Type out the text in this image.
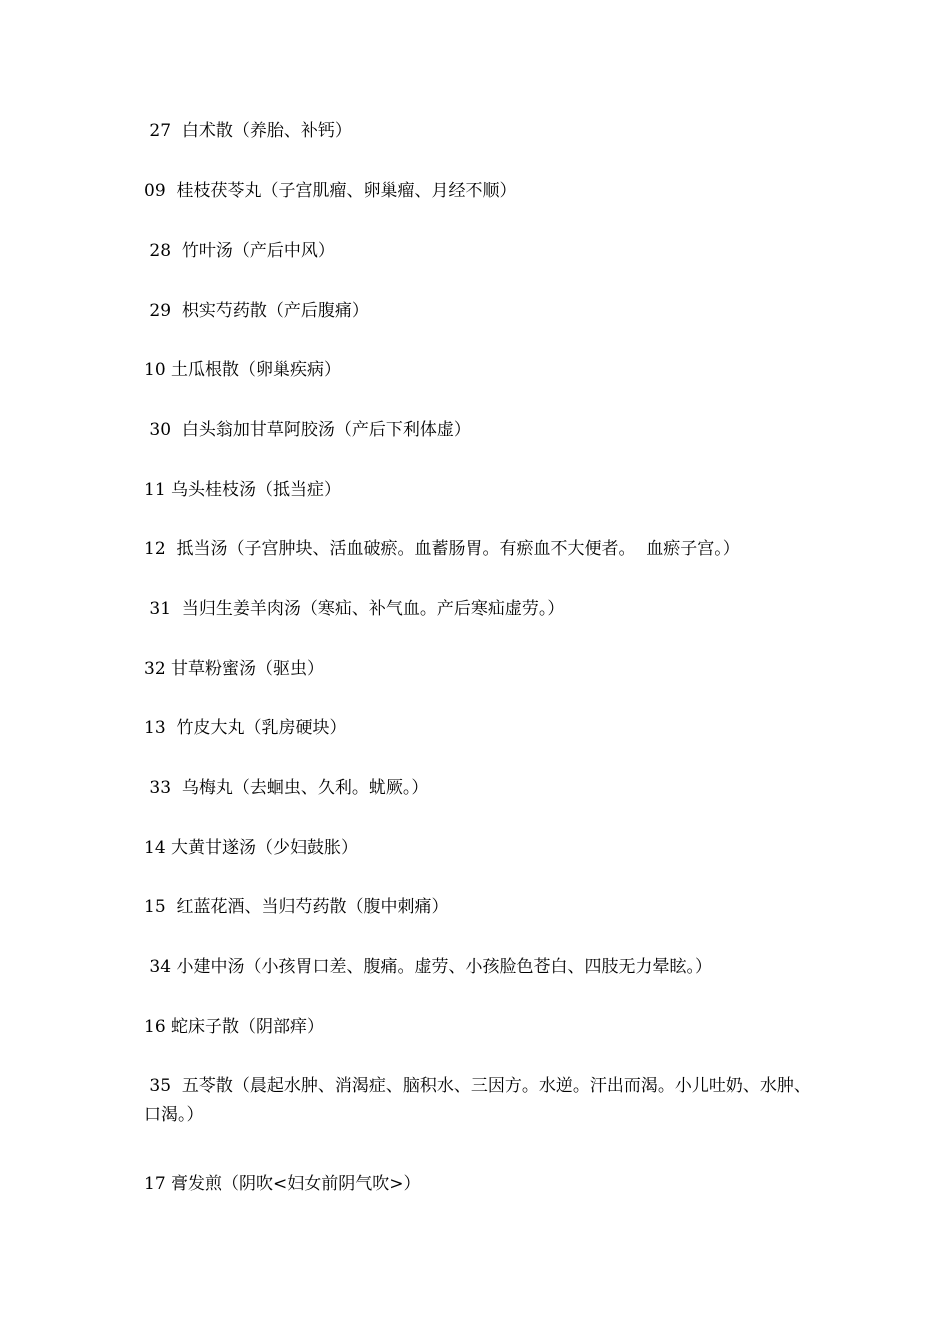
27  白术散（养胎、补钙）

09  桂枝茯苓丸（子宫肌瘤、卵巢瘤、月经不顺）

28  竹叶汤（产后中风）

29  枳实芍药散（产后腹痛）

10 土瓜根散（卵巢疾病）

30  白头翁加甘草阿胶汤（产后下利体虚）

11 乌头桂枝汤（抵当症）

12  抵当汤（子宫肿块、活血破瘀。血蓄肠胃。有瘀血不大便者。  血瘀子宫。）

31  当归生姜羊肉汤（寒疝、补气血。产后寒疝虚劳。）

32 甘草粉蜜汤（驱虫）

13  竹皮大丸（乳房硬块）

33  乌梅丸（去蛔虫、久利。蚘厥。）

14 大黄甘遂汤（少妇鼓胀）

15  红蓝花酒、当归芍药散（腹中刺痛）

34 小建中汤（小孩胃口差、腹痛。虚劳、小孩脸色苍白、四肢无力晕眩。）

16 蛇床子散（阴部痒）

35  五苓散（晨起水肿、消渴症、脑积水、三因方。水逆。汗出而渴。小儿吐奶、水肿、口渴。）

17 膏发煎（阴吹<妇女前阴气吹>）
